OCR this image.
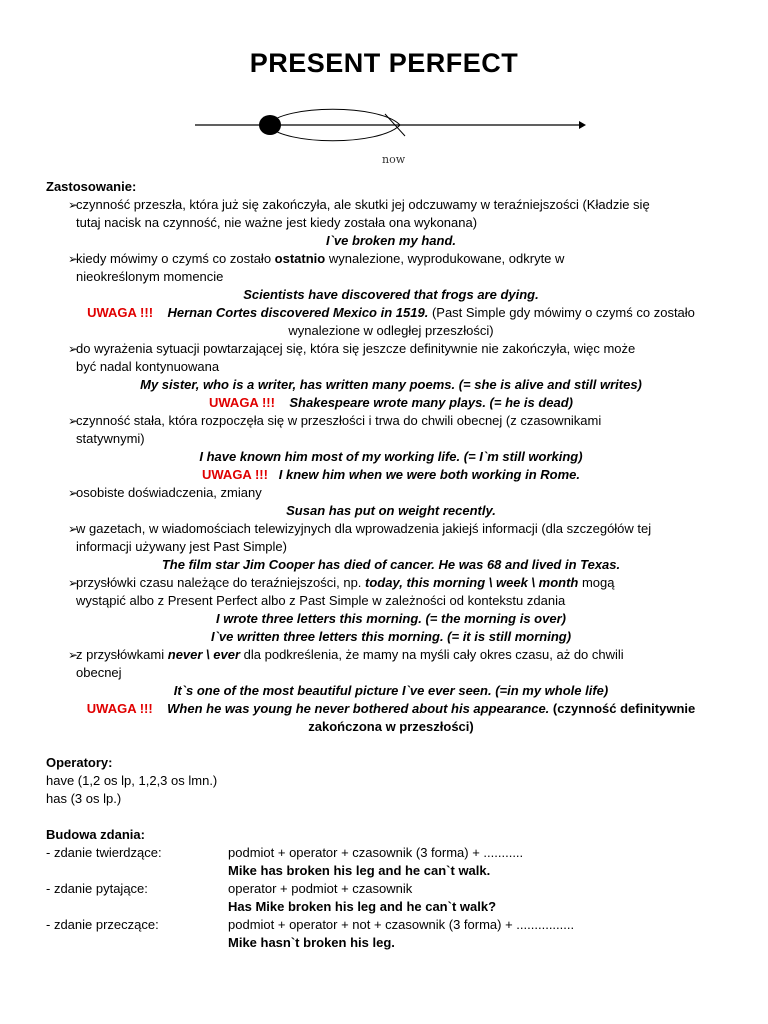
PRESENT PERFECT
now
Zastosowanie:
➢
czynność przeszła, która już się zakończyła, ale skutki jej odczuwamy w teraźniejszości (Kładzie się
tutaj nacisk na czynność, nie ważne jest kiedy została ona wykonana)
I`ve broken my hand.
➢
kiedy mówimy o czymś co zostało ostatnio wynalezione, wyprodukowane, odkryte w
nieokreślonym momencie
Scientists have discovered that frogs are dying.
UWAGA !!! Hernan Cortes discovered Mexico in 1519. (Past Simple gdy mówimy o czymś co zostało
wynalezione w odległej przeszłości)
➢
do wyrażenia sytuacji powtarzającej się, która się jeszcze definitywnie nie zakończyła, więc może
być nadal kontynuowana
My sister, who is a writer, has written many poems. (= she is alive and still writes)
UWAGA !!! Shakespeare wrote many plays. (= he is dead)
➢
czynność stała, która rozpoczęła się w przeszłości i trwa do chwili obecnej (z czasownikami
statywnymi)
I have known him most of my working life. (= I`m still working)
UWAGA !!! I knew him when we were both working in Rome.
➢
osobiste doświadczenia, zmiany
Susan has put on weight recently.
➢
w gazetach, w wiadomościach telewizyjnych dla wprowadzenia jakiejś informacji (dla szczegółów tej
informacji używany jest Past Simple)
The film star Jim Cooper has died of cancer. He was 68 and lived in Texas.
➢
przysłówki czasu należące do teraźniejszości, np. today, this morning \ week \ month mogą
wystąpić albo z Present Perfect albo z Past Simple w zależności od kontekstu zdania
I wrote three letters this morning. (= the morning is over)
I`ve written three letters this morning. (= it is still morning)
➢
z przysłówkami never \ ever dla podkreślenia, że mamy na myśli cały okres czasu, aż do chwili
obecnej
It`s one of the most beautiful picture I`ve ever seen. (=in my whole life)
UWAGA !!! When he was young he never bothered about his appearance. (czynność definitywnie
zakończona w przeszłości)
Operatory:
have (1,2 os lp, 1,2,3 os lmn.)
has (3 os lp.)
Budowa zdania:
- zdanie twierdzące:	podmiot + operator + czasownik (3 forma) + ...........
Mike has broken his leg and he can`t walk.
- zdanie pytające:	operator + podmiot + czasownik
Has Mike broken his leg and he can`t walk?
- zdanie przeczące:	podmiot + operator + not + czasownik (3 forma) + ................
Mike hasn`t broken his leg.
